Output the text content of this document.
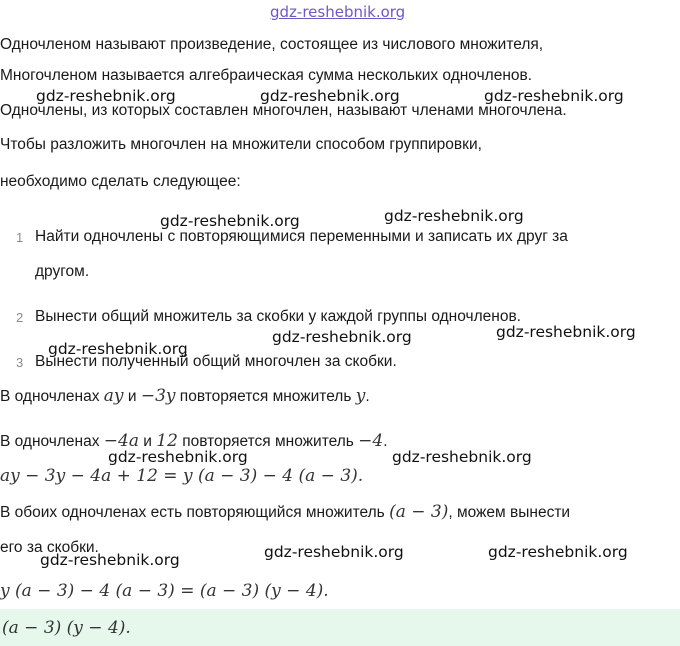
gdz-reshebnik.org
Одночленом называют произведение, состоящее из числового множителя,
Многочленом называется алгебраическая сумма нескольких одночленов.
Одночлены, из которых составлен многочлен, называют членами многочлена.
gdz-reshebnik.org	gdz-reshebnik.org	gdz-reshebnik.org
Чтобы разложить многочлен на множители способом группировки,
необходимо сделать следующее:
gdz-reshebnik.org	gdz-reshebnik.org
1 Найти одночлены с повторяющимися переменными и записать их друг за
другом.
2 Вынести общий множитель за скобки у каждой группы одночленов.
gdz-reshebnik.org	gdz-reshebnik.org
gdz-reshebnik.org
3 Вынести полученный общий многочлен за скобки.
В одночленах ay и −3y повторяется множитель y.
В одночленах −4a и 12 повторяется множитель −4.
gdz-reshebnik.org	gdz-reshebnik.org
ay − 3y − 4a + 12 = y (a − 3) − 4 (a − 3).
В обоих одночленах есть повторяющийся множитель (a − 3), можем вынести
его за скобки.
gdz-reshebnik.org	gdz-reshebnik.org	gdz-reshebnik.org
y (a − 3) − 4 (a − 3) = (a − 3) (y − 4).
(a − 3) (y − 4).
